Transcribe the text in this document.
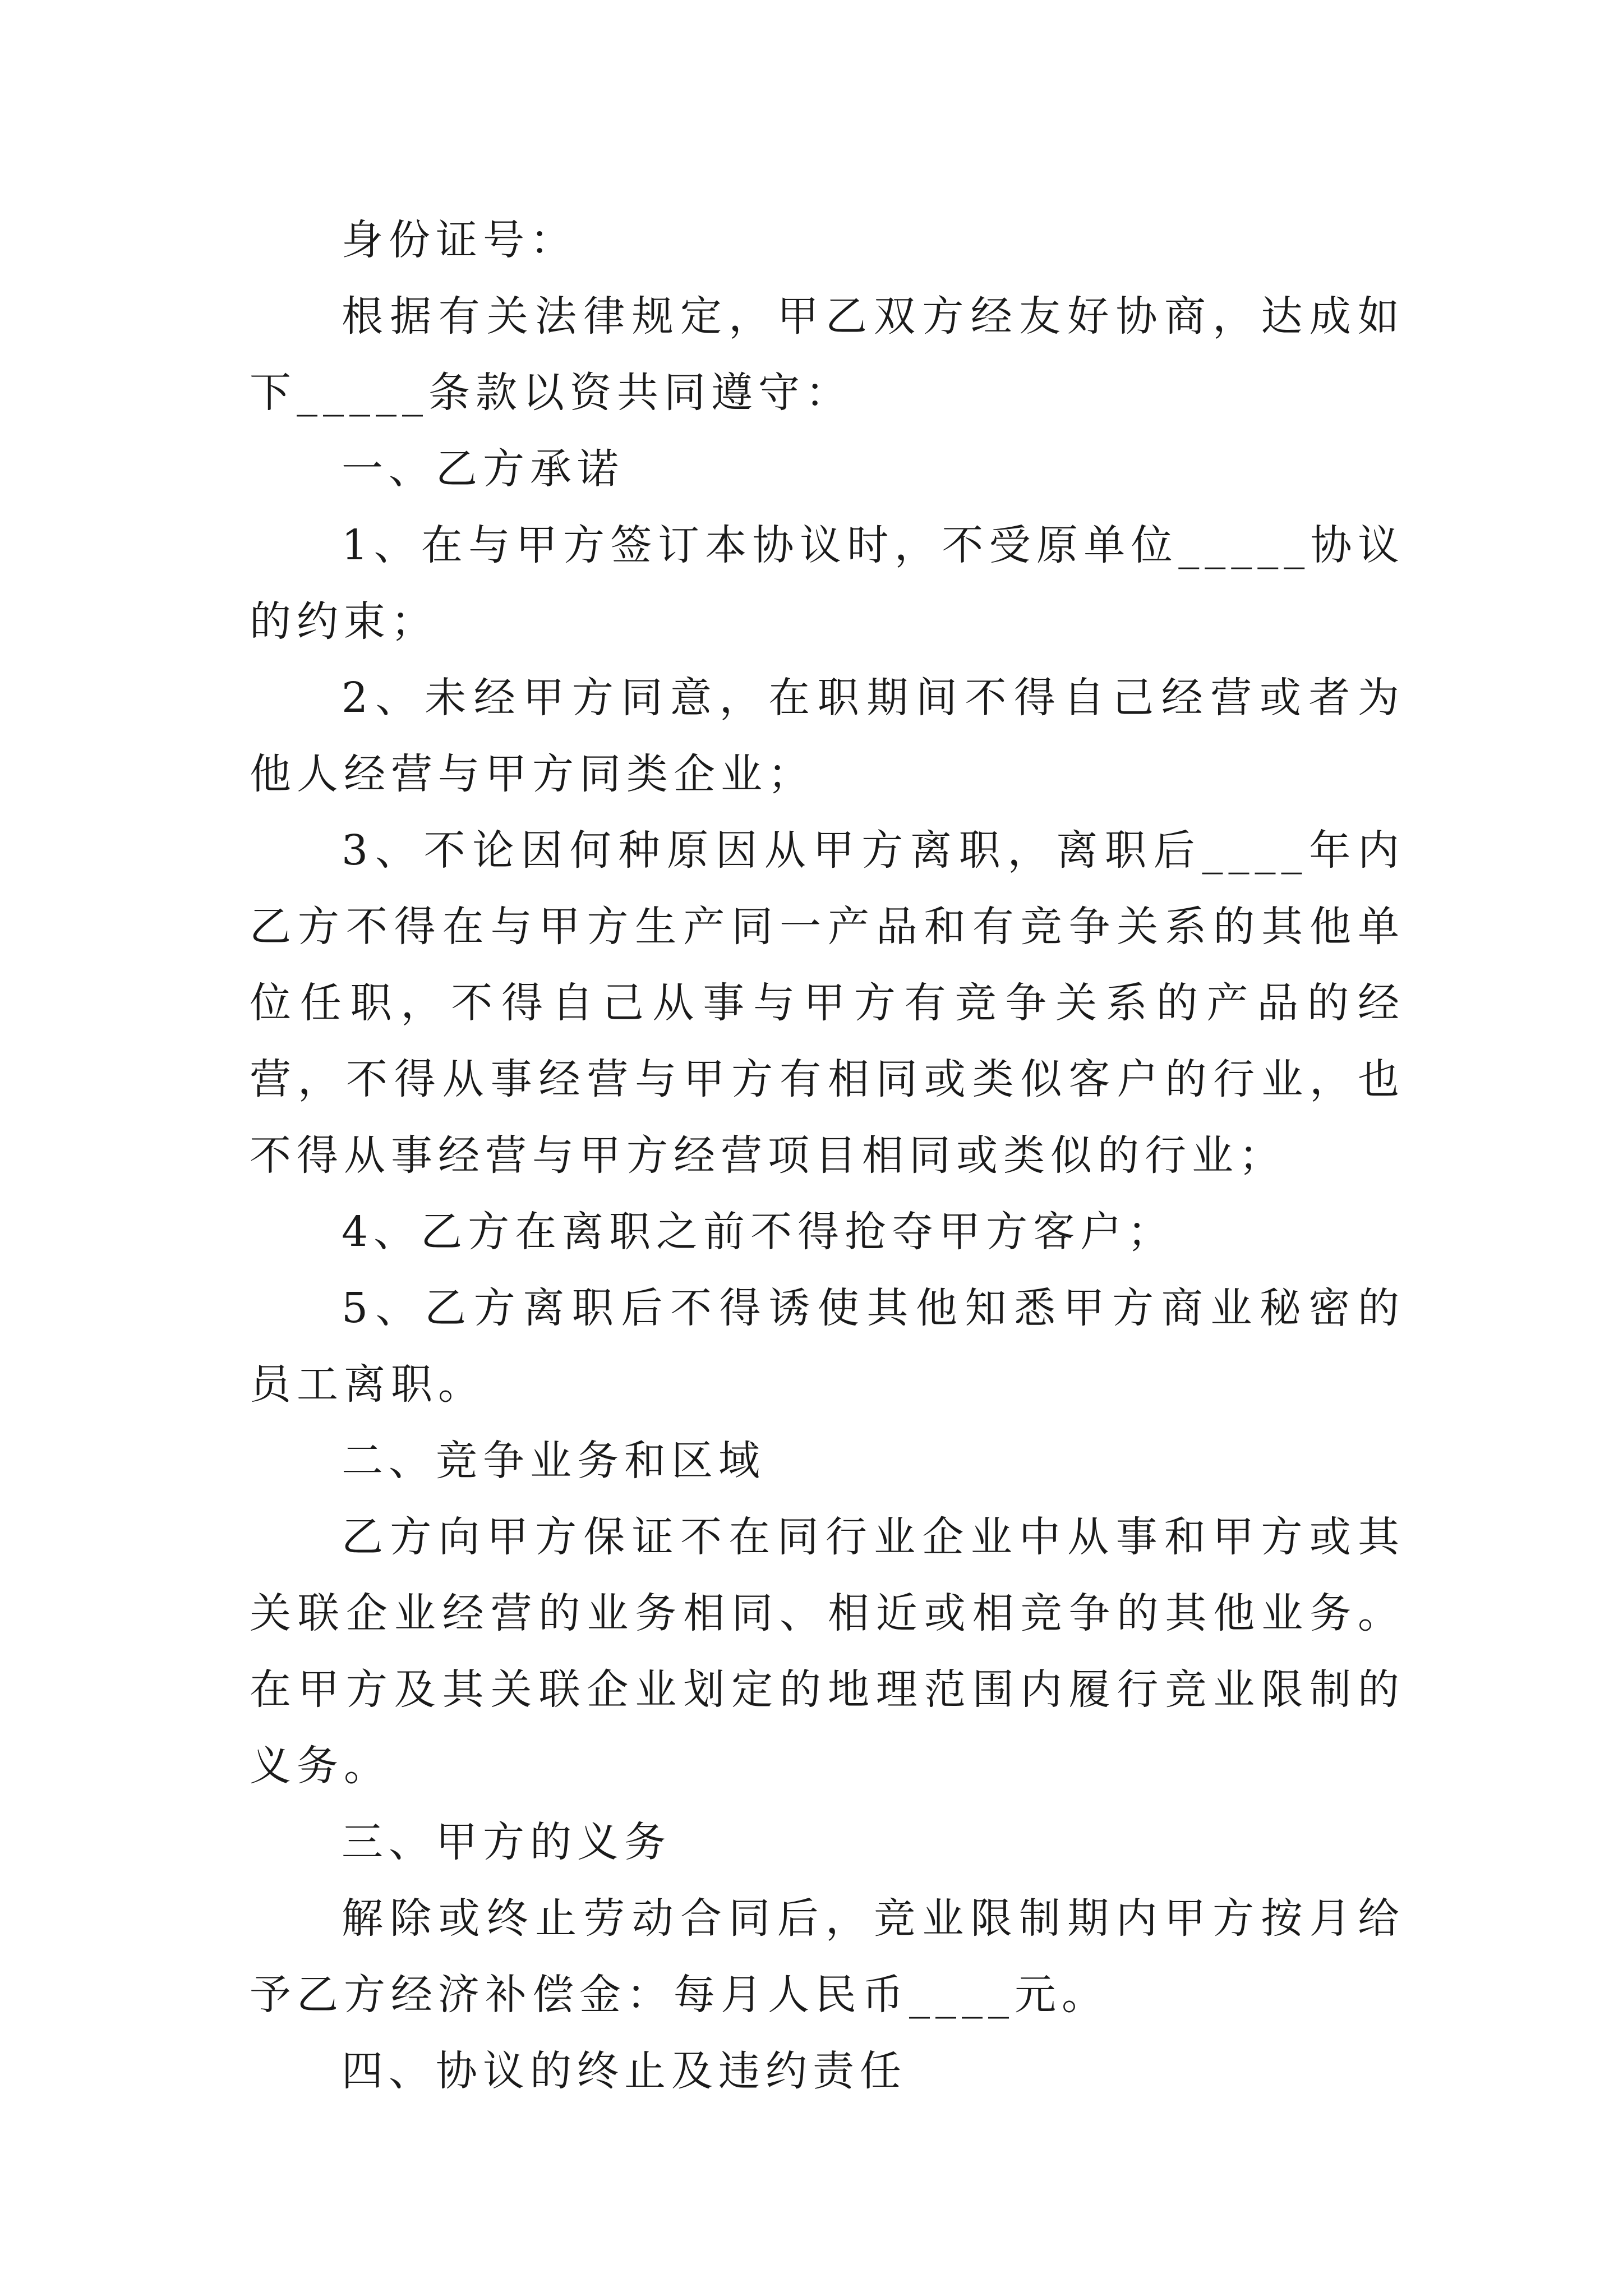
身份证号：

根据有关法律规定，甲乙双方经友好协商，达成如下_____条款以资共同遵守：

一、乙方承诺

1、在与甲方签订本协议时，不受原单位_____协议的约束；

2、未经甲方同意，在职期间不得自己经营或者为他人经营与甲方同类企业；

3、不论因何种原因从甲方离职，离职后____年内乙方不得在与甲方生产同一产品和有竞争关系的其他单位任职，不得自己从事与甲方有竞争关系的产品的经营，不得从事经营与甲方有相同或类似客户的行业，也不得从事经营与甲方经营项目相同或类似的行业；

4、乙方在离职之前不得抢夺甲方客户；

5、乙方离职后不得诱使其他知悉甲方商业秘密的员工离职。

二、竞争业务和区域

乙方向甲方保证不在同行业企业中从事和甲方或其关联企业经营的业务相同、相近或相竞争的其他业务。在甲方及其关联企业划定的地理范围内履行竞业限制的义务。

三、甲方的义务

解除或终止劳动合同后，竞业限制期内甲方按月给予乙方经济补偿金：每月人民币____元。

四、协议的终止及违约责任
